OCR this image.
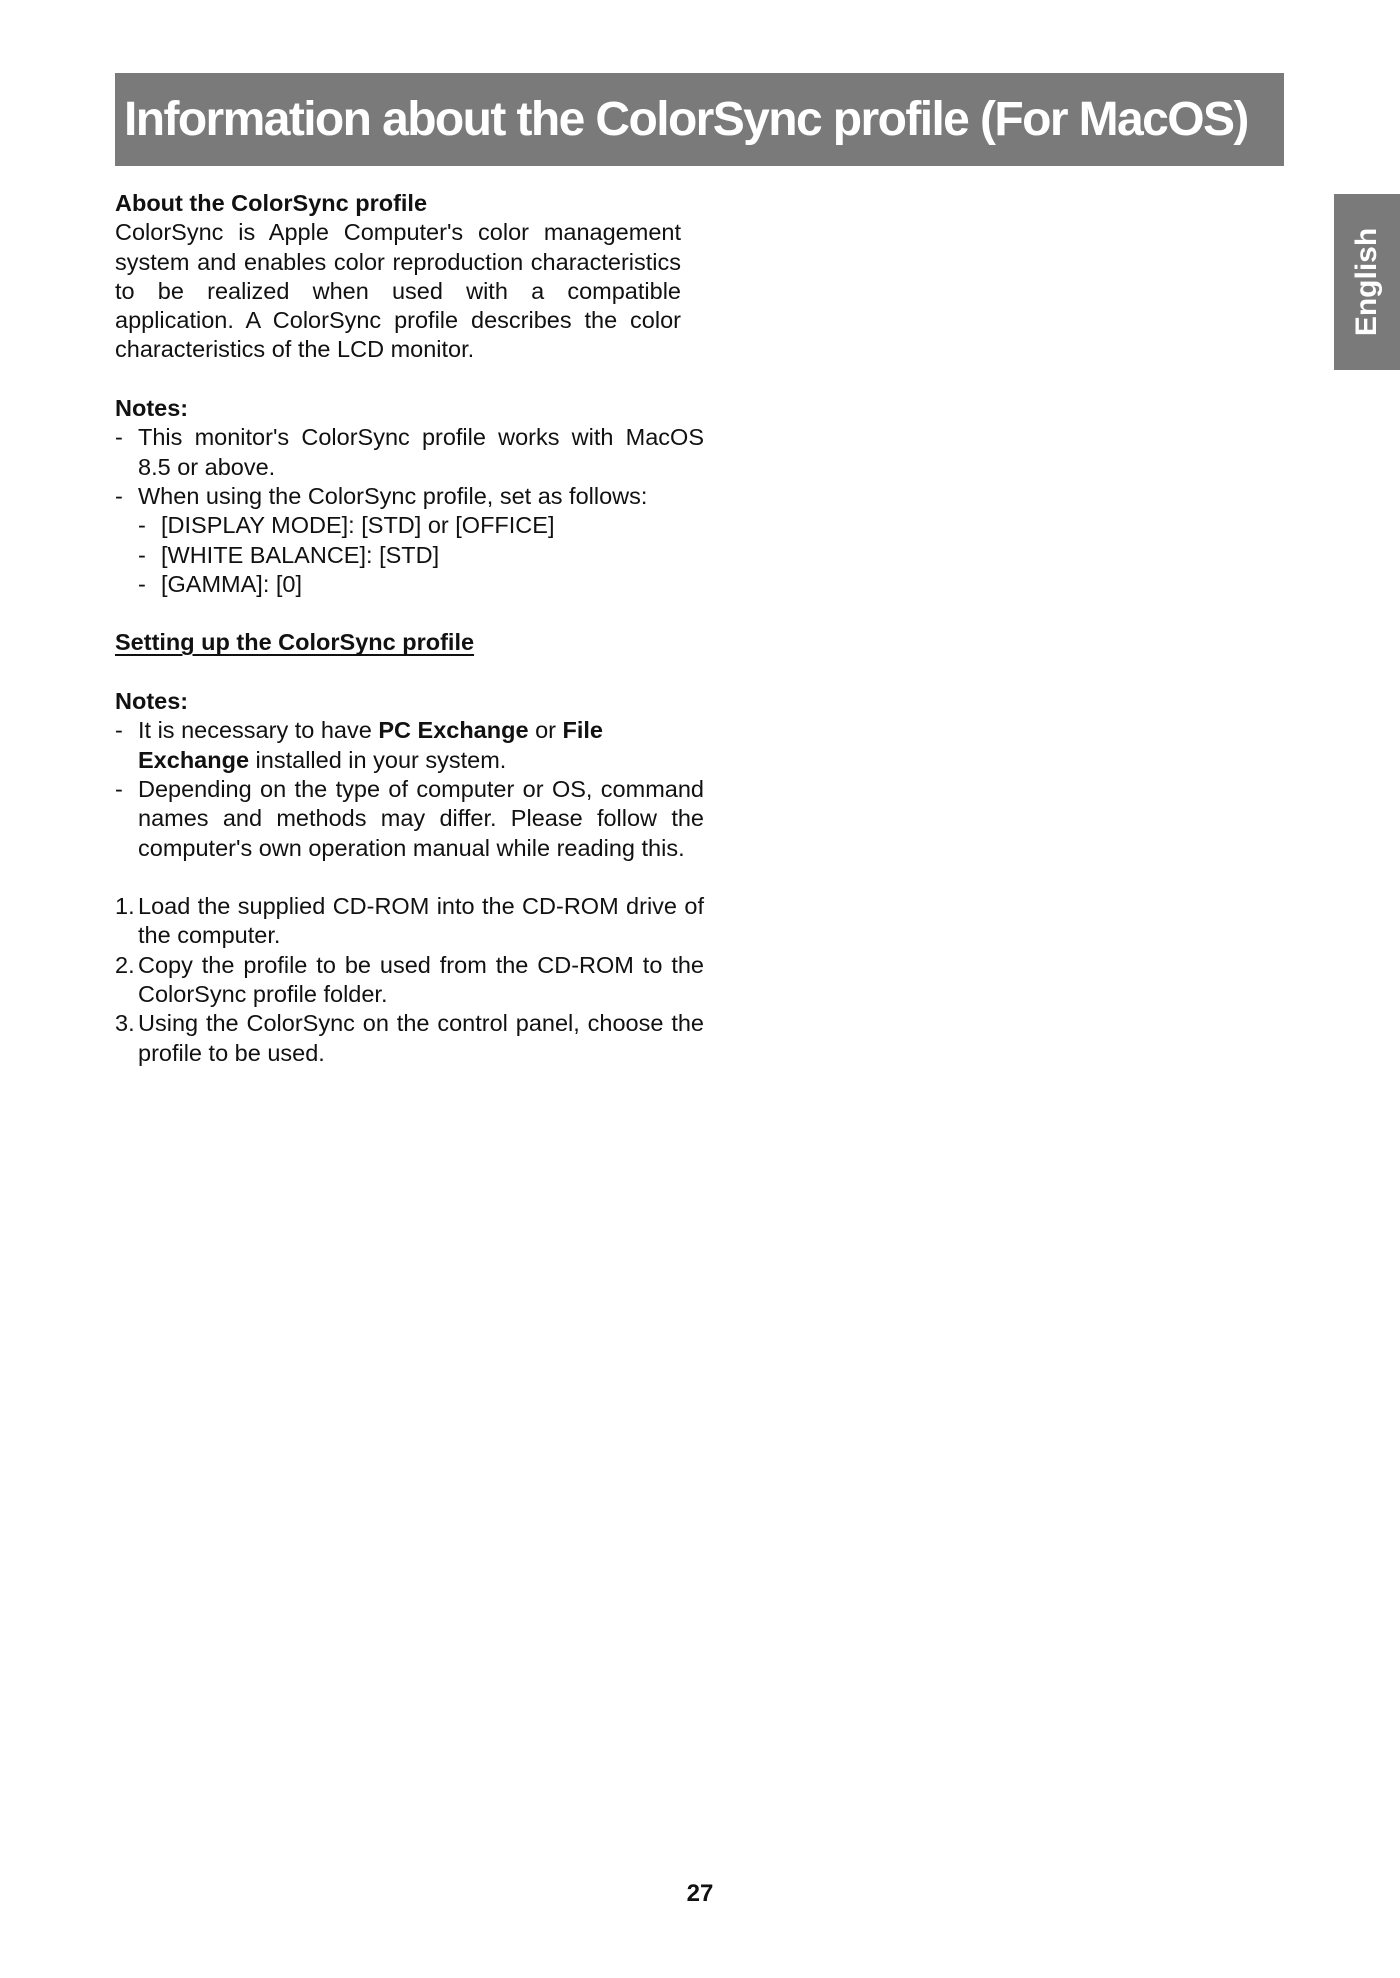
Information about the ColorSync profile (For MacOS)
English

About the ColorSync profile

ColorSync is Apple Computer's color management system and enables color reproduction characteristics to be realized when used with a compatible application. A ColorSync profile describes the color characteristics of the LCD monitor.

Notes:

- This monitor's ColorSync profile works with MacOS 8.5 or above.
- When using the ColorSync profile, set as follows:
- [DISPLAY MODE]: [STD] or [OFFICE]
- [WHITE BALANCE]: [STD]
- [GAMMA]: [0]

Setting up the ColorSync profile

Notes:

- It is necessary to have PC Exchange or File Exchange installed in your system.
- Depending on the type of computer or OS, command names and methods may differ. Please follow the computer's own operation manual while reading this.
1. Load the supplied CD-ROM into the CD-ROM drive of the computer.
2. Copy the profile to be used from the CD-ROM to the ColorSync profile folder.
3. Using the ColorSync on the control panel, choose the profile to be used.
27
